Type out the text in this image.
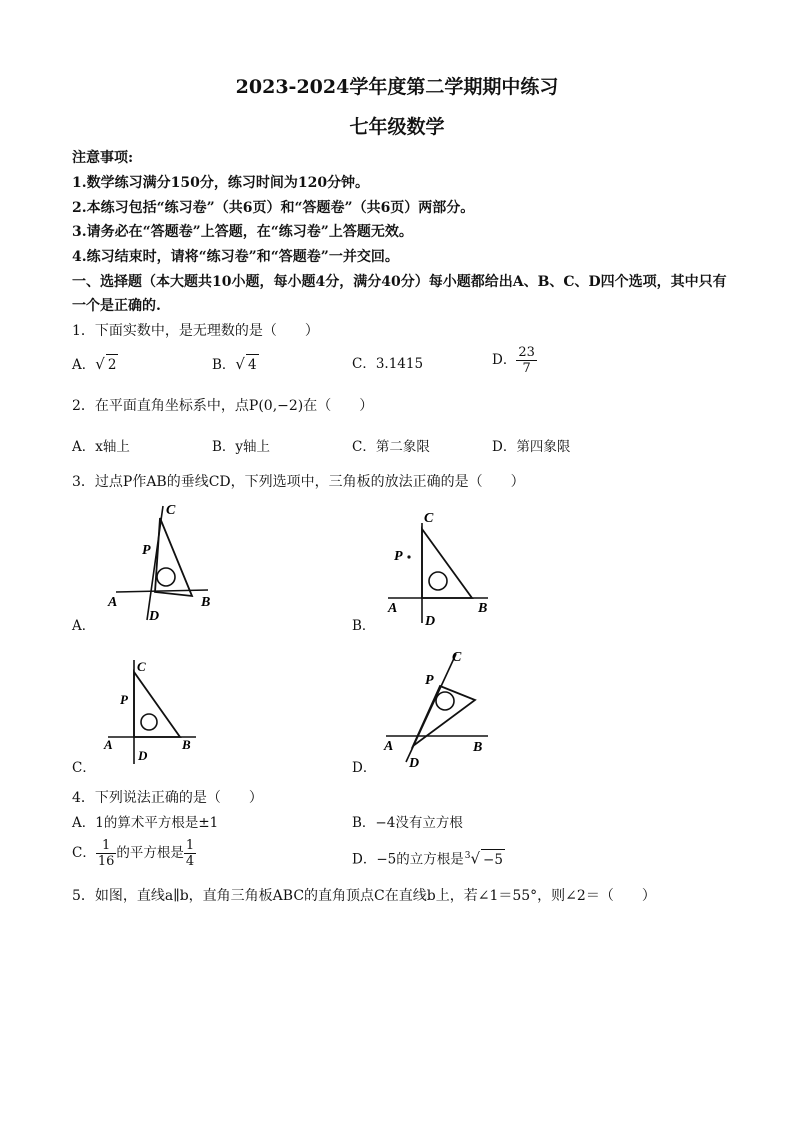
2023-2024学年度第二学期期中练习
七年级数学
注意事项:
1.数学练习满分150分，练习时间为120分钟。
2.本练习包括“练习卷”（共6页）和“答题卷”（共6页）两部分。
3.请务必在“答题卷”上答题，在“练习卷”上答题无效。
4.练习结束时，请将“练习卷”和“答题卷”一并交回。
一、选择题（本大题共10小题，每小题4分，满分40分）每小题都给出A、B、C、D四个选项，其中只有一个是正确的.
1．下面实数中，是无理数的是（　　）
A．√ 2	B．√ 4	C．3.1415	D． $\frac{23}{7}$
2．在平面直角坐标系中，点P(0,−2)在（　　）
A．x轴上	B．y轴上	C．第二象限	D．第四象限
3．过点P作AB的垂线CD，下列选项中，三角板的放法正确的是（　　）
C
P
A	B
D
A．
C
P
A	B
D
B．
C
P
A	B
D
C．
C
P
A	B
D
D．
4．下列说法正确的是（　　）
A．1的算术平方根是±1	B．−4没有立方根
C． $\frac{1}{16}$ 的平方根是 $\frac{1}{4}$	D．−5的立方根是$^3$√ −5
5．如图，直线a∥b，直角三角板ABC的直角顶点C在直线b上，若∠1＝55°，则∠2＝（　　）
